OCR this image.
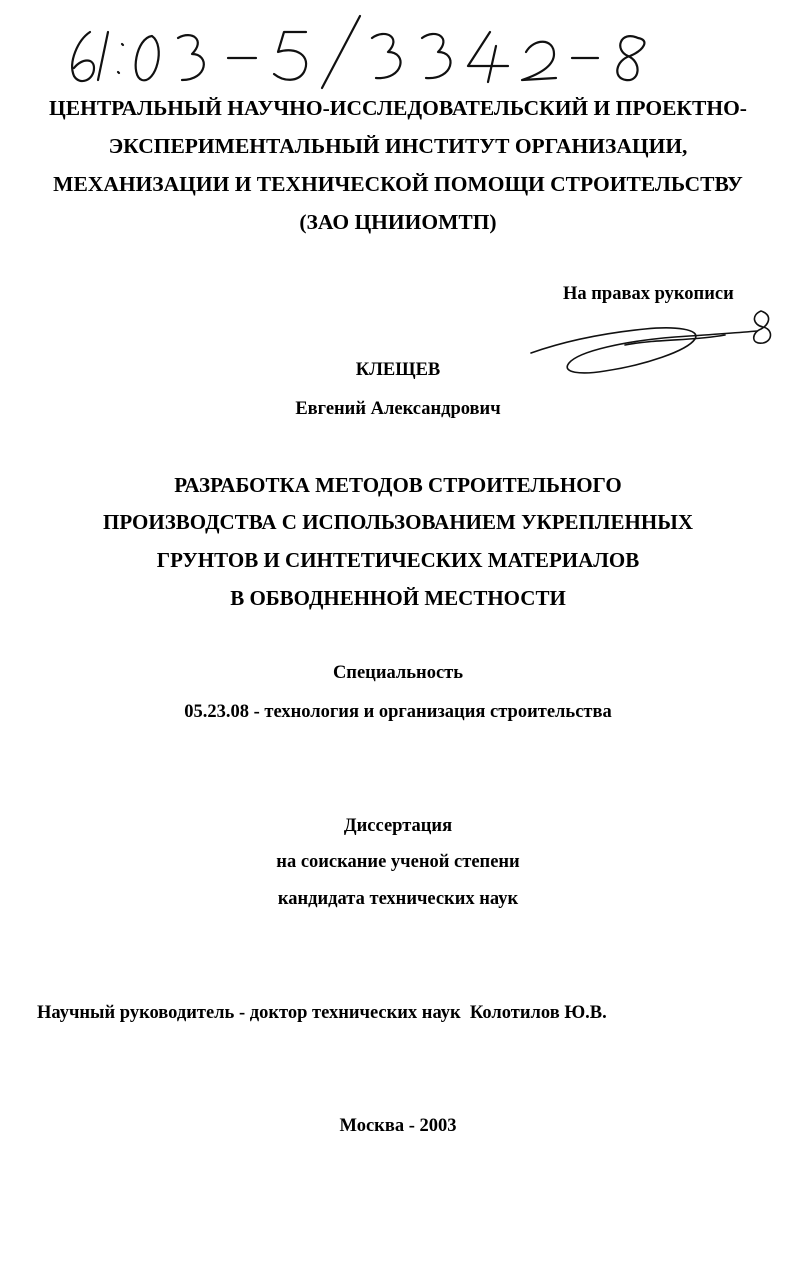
ЦЕНТРАЛЬНЫЙ НАУЧНО-ИССЛЕДОВАТЕЛЬСКИЙ И ПРОЕКТНО-
ЭКСПЕРИМЕНТАЛЬНЫЙ ИНСТИТУТ ОРГАНИЗАЦИИ,
МЕХАНИЗАЦИИ И ТЕХНИЧЕСКОЙ ПОМОЩИ СТРОИТЕЛЬСТВУ
(ЗАО ЦНИИОМТП)
На правах рукописи
КЛЕЩЕВ
Евгений Александрович
РАЗРАБОТКА МЕТОДОВ СТРОИТЕЛЬНОГО
ПРОИЗВОДСТВА С ИСПОЛЬЗОВАНИЕМ УКРЕПЛЕННЫХ
ГРУНТОВ И СИНТЕТИЧЕСКИХ МАТЕРИАЛОВ
В ОБВОДНЕННОЙ МЕСТНОСТИ
Специальность
05.23.08 - технология и организация строительства
Диссертация
на соискание ученой степени
кандидата технических наук
Научный руководитель - доктор технических наук  Колотилов Ю.В.
Москва - 2003
